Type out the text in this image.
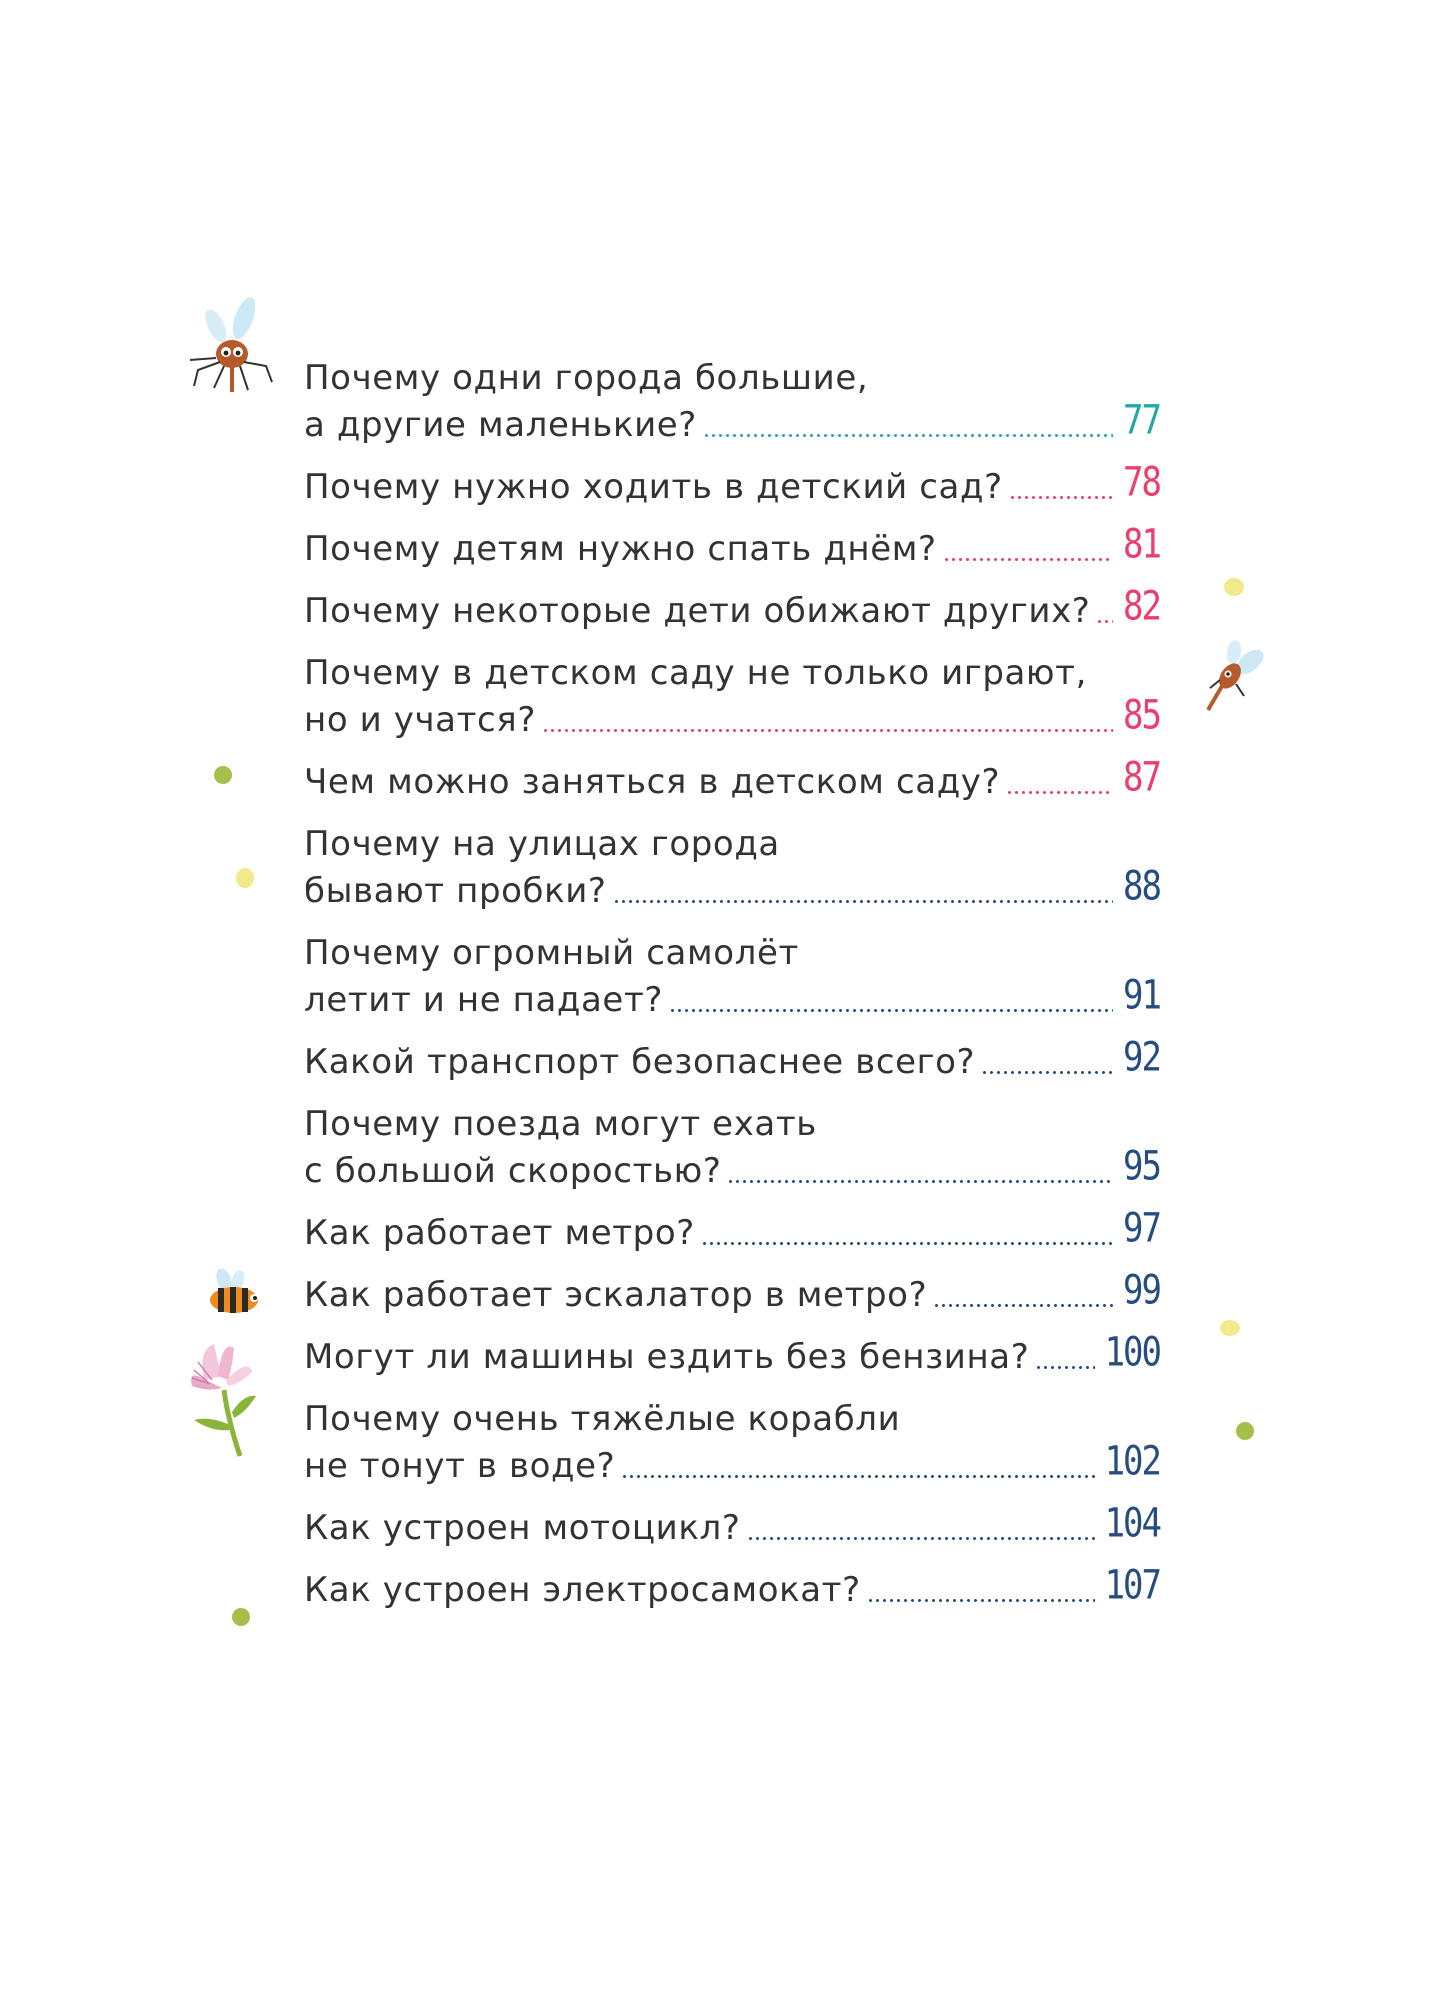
Почему одни города большие,
а другие маленькие?	77
Почему нужно ходить в детский сад?	78
Почему детям нужно спать днём?	81
Почему некоторые дети обижают других? 82
Почему в детском саду не только играют,
но и учатся?	85
Чем можно заняться в детском саду?	87
Почему на улицах города
бывают пробки?	88
Почему огромный самолёт
летит и не падает?	91
Какой транспорт безопаснее всего?	92
Почему поезда могут ехать
с большой скоростью?	95
Как работает метро?	97
Как работает эскалатор в метро?	99
Могут ли машины ездить без бензина? 100
Почему очень тяжёлые корабли
не тонут в воде?	102
Как устроен мотоцикл?	104
Как устроен электросамокат?	107
